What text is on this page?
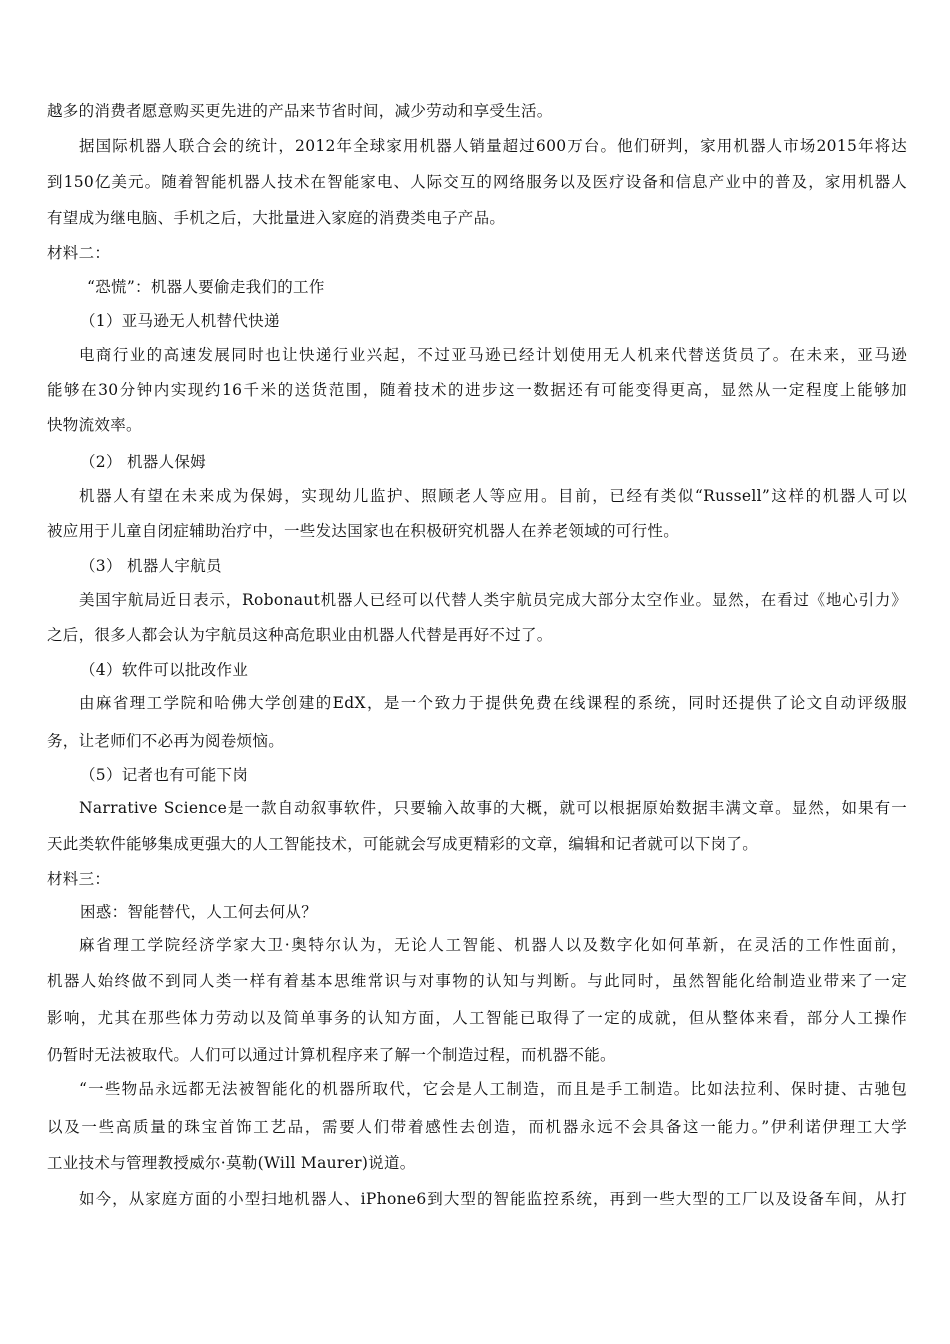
越多的消费者愿意购买更先进的产品来节省时间，减少劳动和享受生活。
据国际机器人联合会的统计，2012年全球家用机器人销量超过600万台。他们研判，家用机器人市场2015年将达
到150亿美元。随着智能机器人技术在智能家电、人际交互的网络服务以及医疗设备和信息产业中的普及，家用机器人
有望成为继电脑、手机之后，大批量进入家庭的消费类电子产品。
材料二：
“恐慌”：机器人要偷走我们的工作
（1）亚马逊无人机替代快递
电商行业的高速发展同时也让快递行业兴起，不过亚马逊已经计划使用无人机来代替送货员了。在未来，亚马逊
能够在30分钟内实现约16千米的送货范围，随着技术的进步这一数据还有可能变得更高，显然从一定程度上能够加
快物流效率。
（2） 机器人保姆
机器人有望在未来成为保姆，实现幼儿监护、照顾老人等应用。目前，已经有类似“Russell”这样的机器人可以
被应用于儿童自闭症辅助治疗中，一些发达国家也在积极研究机器人在养老领域的可行性。
（3） 机器人宇航员
美国宇航局近日表示，Robonaut机器人已经可以代替人类宇航员完成大部分太空作业。显然，在看过《地心引力》
之后，很多人都会认为宇航员这种高危职业由机器人代替是再好不过了。
（4）软件可以批改作业
由麻省理工学院和哈佛大学创建的EdX，是一个致力于提供免费在线课程的系统，同时还提供了论文自动评级服
务，让老师们不必再为阅卷烦恼。
（5）记者也有可能下岗
Narrative Science是一款自动叙事软件，只要输入故事的大概，就可以根据原始数据丰满文章。显然，如果有一
天此类软件能够集成更强大的人工智能技术，可能就会写成更精彩的文章，编辑和记者就可以下岗了。
材料三：
困惑：智能替代，人工何去何从？
麻省理工学院经济学家大卫·奥特尔认为，无论人工智能、机器人以及数字化如何革新，在灵活的工作性面前，
机器人始终做不到同人类一样有着基本思维常识与对事物的认知与判断。与此同时，虽然智能化给制造业带来了一定
影响，尤其在那些体力劳动以及简单事务的认知方面，人工智能已取得了一定的成就，但从整体来看，部分人工操作
仍暂时无法被取代。人们可以通过计算机程序来了解一个制造过程，而机器不能。
“一些物品永远都无法被智能化的机器所取代，它会是人工制造，而且是手工制造。比如法拉利、保时捷、古驰包
以及一些高质量的珠宝首饰工艺品，需要人们带着感性去创造，而机器永远不会具备这一能力。”伊利诺伊理工大学
工业技术与管理教授威尔·莫勒(Will Maurer)说道。
如今，从家庭方面的小型扫地机器人、iPhone6到大型的智能监控系统，再到一些大型的工厂以及设备车间，从打
